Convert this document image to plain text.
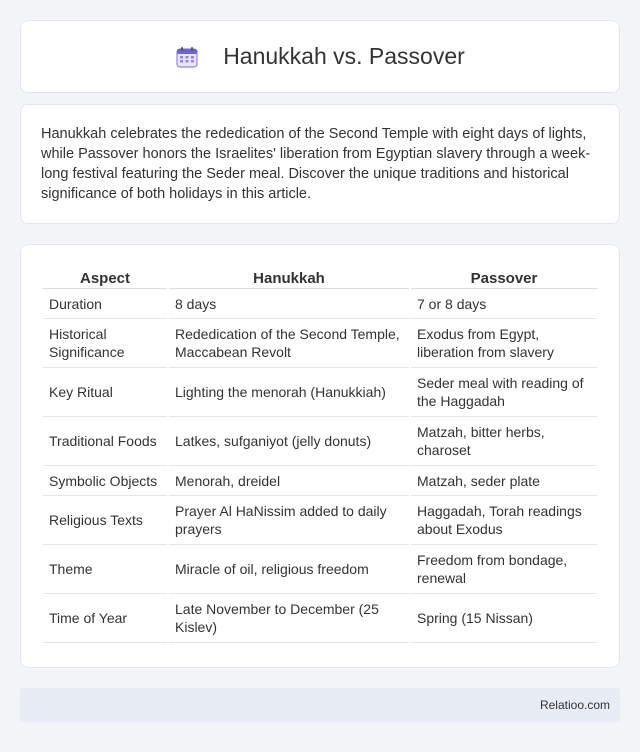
Hanukkah vs. Passover

Hanukkah celebrates the rededication of the Second Temple with eight days of lights, while Passover honors the Israelites' liberation from Egyptian slavery through a week-long festival featuring the Seder meal. Discover the unique traditions and historical significance of both holidays in this article.

Aspect	Hanukkah	Passover
Duration	8 days	7 or 8 days
Historical Significance	Rededication of the Second Temple, Maccabean Revolt	Exodus from Egypt, liberation from slavery
Key Ritual	Lighting the menorah (Hanukkiah)	Seder meal with reading of the Haggadah
Traditional Foods	Latkes, sufganiyot (jelly donuts)	Matzah, bitter herbs, charoset
Symbolic Objects	Menorah, dreidel	Matzah, seder plate
Religious Texts	Prayer Al HaNissim added to daily prayers	Haggadah, Torah readings about Exodus
Theme	Miracle of oil, religious freedom	Freedom from bondage, renewal
Time of Year	Late November to December (25 Kislev)	Spring (15 Nissan)
Relatioo.com
